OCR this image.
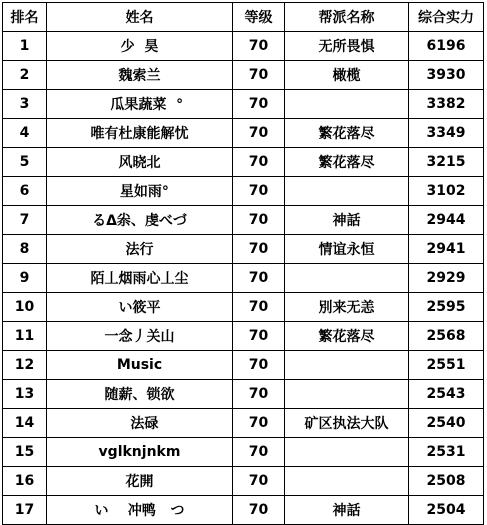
排名	姓名	等级	帮派名称	综合实力
1	少  昊	70	无所畏惧	6196
2	魏索兰	70	橄榄	3930
3	瓜果蔬菜  °	70		3382
4	唯有杜康能解忧	70	繁花落尽	3349
5	风晓北	70	繁花落尽	3215
6	星如雨°	70		3102
7	るΔ尜、虔べづ	70	神話	2944
8	法行	70	情谊永恒	2941
9	陌丄烟雨心丄尘	70		2929
10	い筱平	70	別来无恙	2595
11	一念丿关山	70	繁花落尽	2568
12	Music	70		2551
13	随薪、锁欲	70		2543
14	法碌	70	矿区执法大队	2540
15	vglknjnkm	70		2531
16	花開	70		2508
17	い    冲鸭   つ	70	神話	2504
